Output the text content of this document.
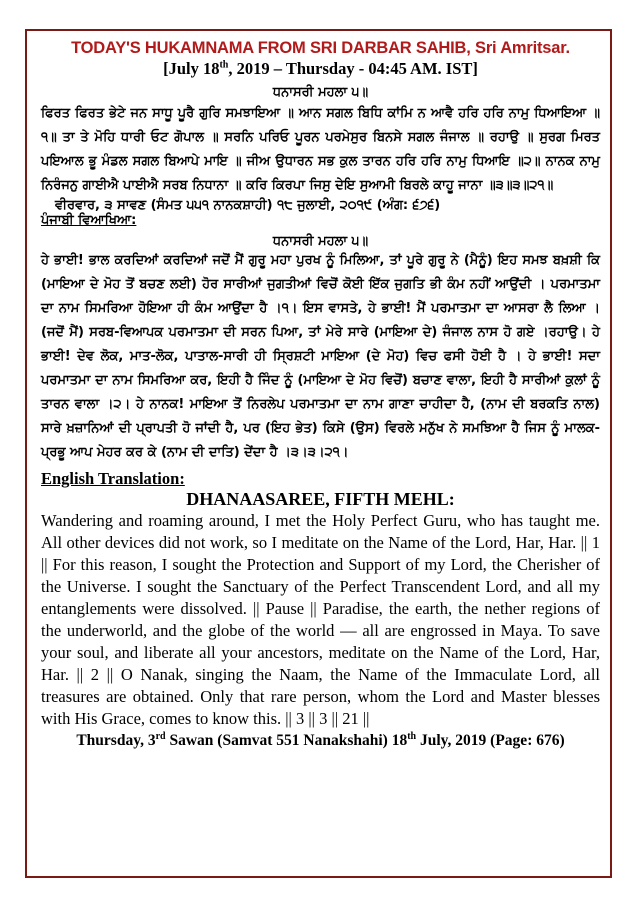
TODAY'S HUKAMNAMA FROM SRI DARBAR SAHIB, Sri Amritsar.
[July 18th, 2019 – Thursday - 04:45 AM. IST]
ਧਨਾਸਰੀ ਮਹਲਾ ੫॥
ਫਿਰਤ ਫਿਰਤ ਭੇਟੇ ਜਨ ਸਾਧੂ ਪੂਰੈ ਗੁਰਿ ਸਮਝਾਇਆ ॥ ਆਨ ਸਗਲ ਬਿਧਿ ਕਾਂਮਿ ਨ ਆਵੈ ਹਰਿ ਹਰਿ ਨਾਮੁ ਧਿਆਇਆ ॥੧॥ ਤਾ ਤੇ ਮੋਹਿ ਧਾਰੀ ਓਟ ਗੋਪਾਲ ॥ ਸਰਨਿ ਪਰਿਓ ਪੂਰਨ ਪਰਮੇਸੁਰ ਬਿਨਸੇ ਸਗਲ ਜੰਜਾਲ ॥ ਰਹਾਉ ॥ ਸੁਰਗ ਮਿਰਤ ਪਇਆਲ ਭੂ ਮੰਡਲ ਸਗਲ ਬਿਆਪੇ ਮਾਇ ॥ ਜੀਅ ਉਧਾਰਨ ਸਭ ਕੁਲ ਤਾਰਨ ਹਰਿ ਹਰਿ ਨਾਮੁ ਧਿਆਇ ॥੨॥ ਨਾਨਕ ਨਾਮੁ ਨਿਰੰਜਨੁ ਗਾਈਐ ਪਾਈਐ ਸਰਬ ਨਿਧਾਨਾ ॥ ਕਰਿ ਕਿਰਪਾ ਜਿਸੁ ਦੇਇ ਸੁਆਮੀ ਬਿਰਲੇ ਕਾਹੂ ਜਾਨਾ ॥੩॥੩॥੨੧॥
ਵੀਰਵਾਰ, ੩ ਸਾਵਣ (ਸੰਮਤ ੫੫੧ ਨਾਨਕਸ਼ਾਹੀ) ੧੮ ਜੁਲਾਈ, ੨੦੧੯ (ਅੰਗ: ੬੭੬)
ਪੰਜਾਬੀ ਵਿਆਖਿਆ:
ਧਨਾਸਰੀ ਮਹਲਾ ੫॥
ਹੇ ਭਾਈ! ਭਾਲ ਕਰਦਿਆਂ ਕਰਦਿਆਂ ਜਦੋਂ ਮੈਂ ਗੁਰੂ ਮਹਾ ਪੁਰਖ ਨੂੰ ਮਿਲਿਆ, ਤਾਂ ਪੂਰੇ ਗੁਰੂ ਨੇ (ਮੈਨੂੰ) ਇਹ ਸਮਝ ਬਖ਼ਸ਼ੀ ਕਿ (ਮਾਇਆ ਦੇ ਮੋਹ ਤੋਂ ਬਚਣ ਲਈ) ਹੋਰ ਸਾਰੀਆਂ ਜੁਗਤੀਆਂ ਵਿਚੋਂ ਕੋਈ ਇੱਕ ਜੁਗਤਿ ਭੀ ਕੰਮ ਨਹੀਂ ਆਉਂਦੀ । ਪਰਮਾਤਮਾ ਦਾ ਨਾਮ ਸਿਮਰਿਆ ਹੋਇਆ ਹੀ ਕੰਮ ਆਉਂਦਾ ਹੈ ।੧। ਇਸ ਵਾਸਤੇ, ਹੇ ਭਾਈ! ਮੈਂ ਪਰਮਾਤਮਾ ਦਾ ਆਸਰਾ ਲੈ ਲਿਆ । (ਜਦੋਂ ਮੈਂ) ਸਰਬ-ਵਿਆਪਕ ਪਰਮਾਤਮਾ ਦੀ ਸਰਨ ਪਿਆ, ਤਾਂ ਮੇਰੇ ਸਾਰੇ (ਮਾਇਆ ਦੇ) ਜੰਜਾਲ ਨਾਸ ਹੋ ਗਏ ।ਰਹਾਉ। ਹੇ ਭਾਈ! ਦੇਵ ਲੋਕ, ਮਾਤ-ਲੋਕ, ਪਾਤਾਲ-ਸਾਰੀ ਹੀ ਸ੍ਰਿਸ਼ਟੀ ਮਾਇਆ (ਦੇ ਮੋਹ) ਵਿਚ ਫਸੀ ਹੋਈ ਹੈ । ਹੇ ਭਾਈ! ਸਦਾ ਪਰਮਾਤਮਾ ਦਾ ਨਾਮ ਸਿਮਰਿਆ ਕਰ, ਇਹੀ ਹੈ ਜਿੰਦ ਨੂੰ (ਮਾਇਆ ਦੇ ਮੋਹ ਵਿਚੋਂ) ਬਚਾਣ ਵਾਲਾ, ਇਹੀ ਹੈ ਸਾਰੀਆਂ ਕੁਲਾਂ ਨੂੰ ਤਾਰਨ ਵਾਲਾ ।੨। ਹੇ ਨਾਨਕ! ਮਾਇਆ ਤੋਂ ਨਿਰਲੇਪ ਪਰਮਾਤਮਾ ਦਾ ਨਾਮ ਗਾਣਾ ਚਾਹੀਦਾ ਹੈ, (ਨਾਮ ਦੀ ਬਰਕਤਿ ਨਾਲ) ਸਾਰੇ ਖ਼ਜ਼ਾਨਿਆਂ ਦੀ ਪ੍ਰਾਪਤੀ ਹੋ ਜਾਂਦੀ ਹੈ, ਪਰ (ਇਹ ਭੇਤ) ਕਿਸੇ (ਉਸ) ਵਿਰਲੇ ਮਨੁੱਖ ਨੇ ਸਮਝਿਆ ਹੈ ਜਿਸ ਨੂੰ ਮਾਲਕ-ਪ੍ਰਭੂ ਆਪ ਮੇਹਰ ਕਰ ਕੇ (ਨਾਮ ਦੀ ਦਾਤਿ) ਦੇਂਦਾ ਹੈ ।੩।੩।੨੧।
English Translation:
DHANAASAREE, FIFTH MEHL:
Wandering and roaming around, I met the Holy Perfect Guru, who has taught me. All other devices did not work, so I meditate on the Name of the Lord, Har, Har. || 1 || For this reason, I sought the Protection and Support of my Lord, the Cherisher of the Universe. I sought the Sanctuary of the Perfect Transcendent Lord, and all my entanglements were dissolved. || Pause || Paradise, the earth, the nether regions of the underworld, and the globe of the world — all are engrossed in Maya. To save your soul, and liberate all your ancestors, meditate on the Name of the Lord, Har, Har. || 2 || O Nanak, singing the Naam, the Name of the Immaculate Lord, all treasures are obtained. Only that rare person, whom the Lord and Master blesses with His Grace, comes to know this. || 3 || 3 || 21 ||
Thursday, 3rd Sawan (Samvat 551 Nanakshahi) 18th July, 2019 (Page: 676)
